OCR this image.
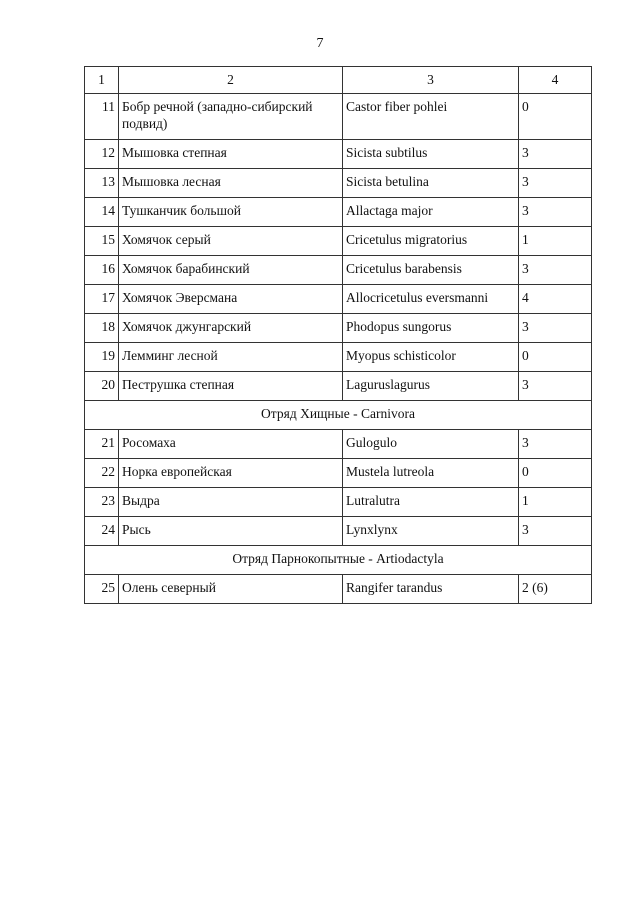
7
1	2	3	4
11	Бобр речной (западно-сибирский подвид)	Castor fiber pohlei	0
12	Мышовка степная	Sicista subtilus	3
13	Мышовка лесная	Sicista betulina	3
14	Тушканчик большой	Allactaga major	3
15	Хомячок серый	Cricetulus migratorius	1
16	Хомячок барабинский	Cricetulus barabensis	3
17	Хомячок Эверсмана	Allocricetulus eversmanni	4
18	Хомячок джунгарский	Phodopus sungorus	3
19	Лемминг лесной	Myopus schisticolor	0
20	Пеструшка степная	Laguruslagurus	3
Отряд Хищные - Carnivora			
21	Росомаха	Gulogulo	3
22	Норка европейская	Mustela lutreola	0
23	Выдра	Lutralutra	1
24	Рысь	Lynxlynx	3
Отряд Парнокопытные - Artiodactyla			
25	Олень северный	Rangifer tarandus	2 (6)
